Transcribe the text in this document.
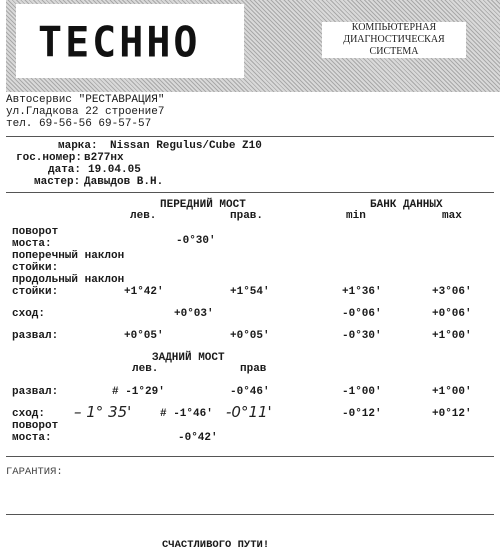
TECHHO	КОМПЬЮТЕРНАЯ ДИАГНОСТИЧЕСКАЯ СИСТЕМА
Автосервис "РЕСТАВРАЦИЯ"
ул.Гладкова 22 строение7
тел. 69-56-56 69-57-57
марка: Nissan Regulus/Cube Z10
гос.номер: в277нх
дата: 19.04.05
мастер: Давыдов В.Н.
ПЕРЕДНИЙ МОСТ
лев.	прав.
БАНК ДАННЫХ
min	max
поворот
моста:	-0°30'
поперечный наклон
стойки:
продольный наклон
стойки:	+1°42'	+1°54'	+1°36'	+3°06'
сход:	+0°03'	-0°06'	+0°06'
развал:	+0°05'	+0°05'	-0°30'	+1°00'
ЗАДНИЙ МОСТ
лев.	прав
развал:	# -1°29'	-0°46'	-1°00'	+1°00'
сход: – 1° 35'	# -1°46' -0°11'	-0°12'	+0°12'
поворот
моста:	-0°42'
ГАРАНТИЯ:
СЧАСТЛИВОГО ПУТИ!
